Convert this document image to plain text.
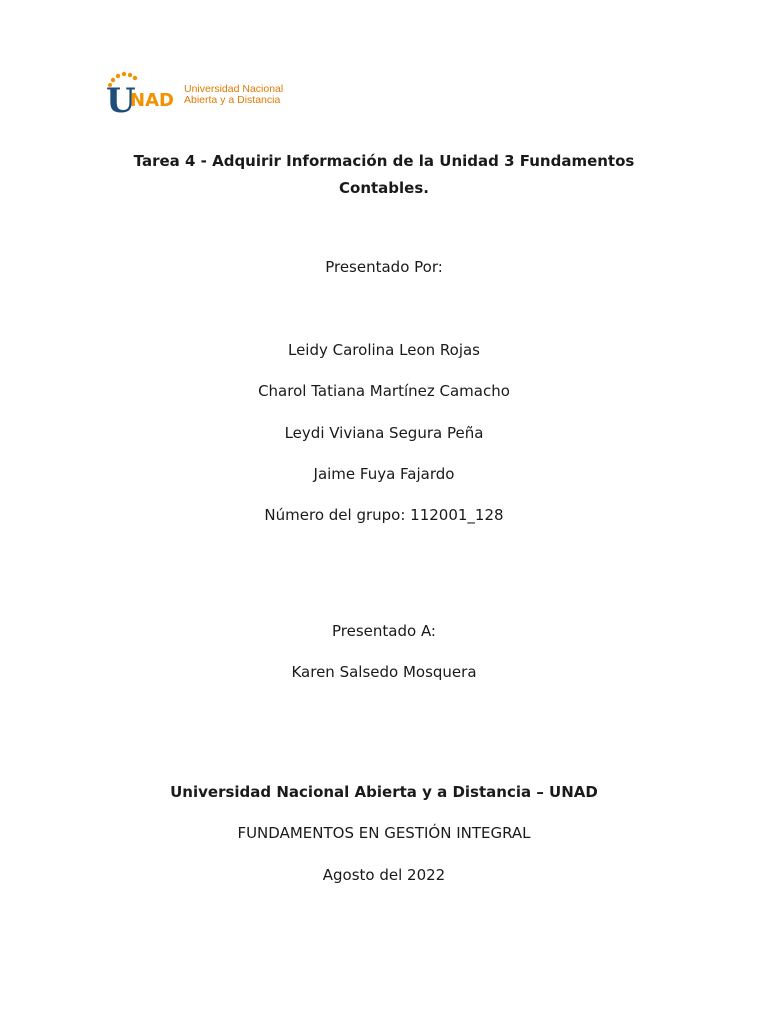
U
NAD
Universidad Nacional
Abierta y a Distancia
Tarea 4 - Adquirir Información de la Unidad 3 Fundamentos
Contables.
Presentado Por:
Leidy Carolina Leon Rojas
Charol Tatiana Martínez Camacho
Leydi Viviana Segura Peña
Jaime Fuya Fajardo
Número del grupo: 112001_128
Presentado A:
Karen Salsedo Mosquera
Universidad Nacional Abierta y a Distancia – UNAD
FUNDAMENTOS EN GESTIÓN INTEGRAL
Agosto del 2022
